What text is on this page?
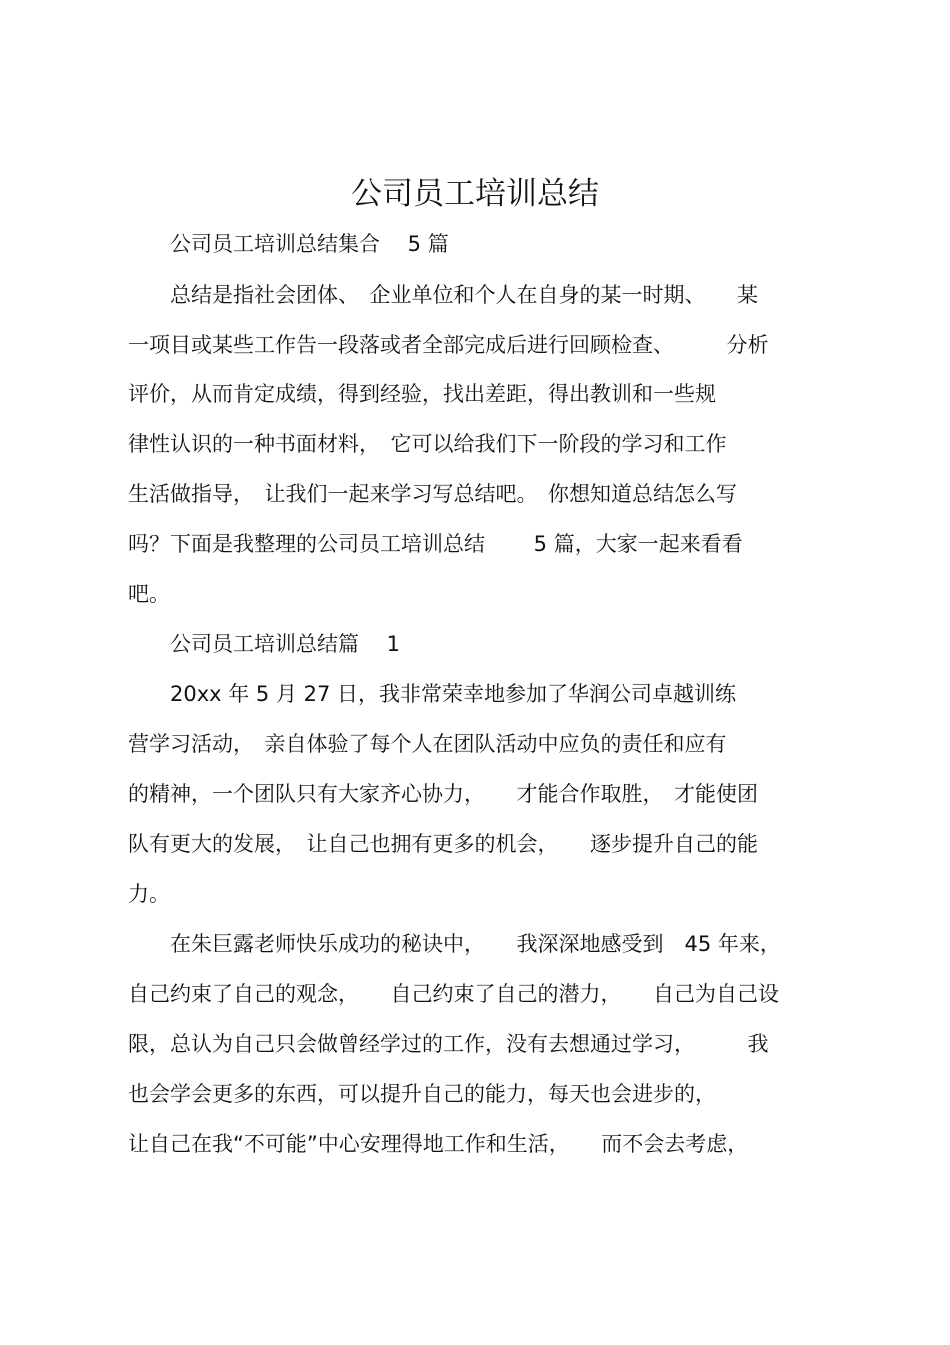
公司员工培训总结
　　公司员工培训总结集合　 5 篇
　　总结是指社会团体、　企业单位和个人在自身的某一时期、　　某
一项目或某些工作告一段落或者全部完成后进行回顾检查、　　　分析
评价，从而肯定成绩，得到经验，找出差距，得出教训和一些规
律性认识的一种书面材料，　它可以给我们下一阶段的学习和工作
生活做指导，　让我们一起来学习写总结吧。　你想知道总结怎么写
吗？下面是我整理的公司员工培训总结　　 5 篇，大家一起来看看
吧。
　　公司员工培训总结篇　 1
　　20xx 年 5 月 27 日，我非常荣幸地参加了华润公司卓越训练
营学习活动，　亲自体验了每个人在团队活动中应负的责任和应有
的精神，一个团队只有大家齐心协力，　　才能合作取胜，　才能使团
队有更大的发展，　让自己也拥有更多的机会，　　逐步提升自己的能
力。
　　在朱巨露老师快乐成功的秘诀中，　　我深深地感受到　45 年来，
自己约束了自己的观念，　　自己约束了自己的潜力，　　自己为自己设
限，总认为自己只会做曾经学过的工作，没有去想通过学习，　　　我
也会学会更多的东西，可以提升自己的能力，每天也会进步的，
让自己在我“不可能”中心安理得地工作和生活，　　而不会去考虑，
